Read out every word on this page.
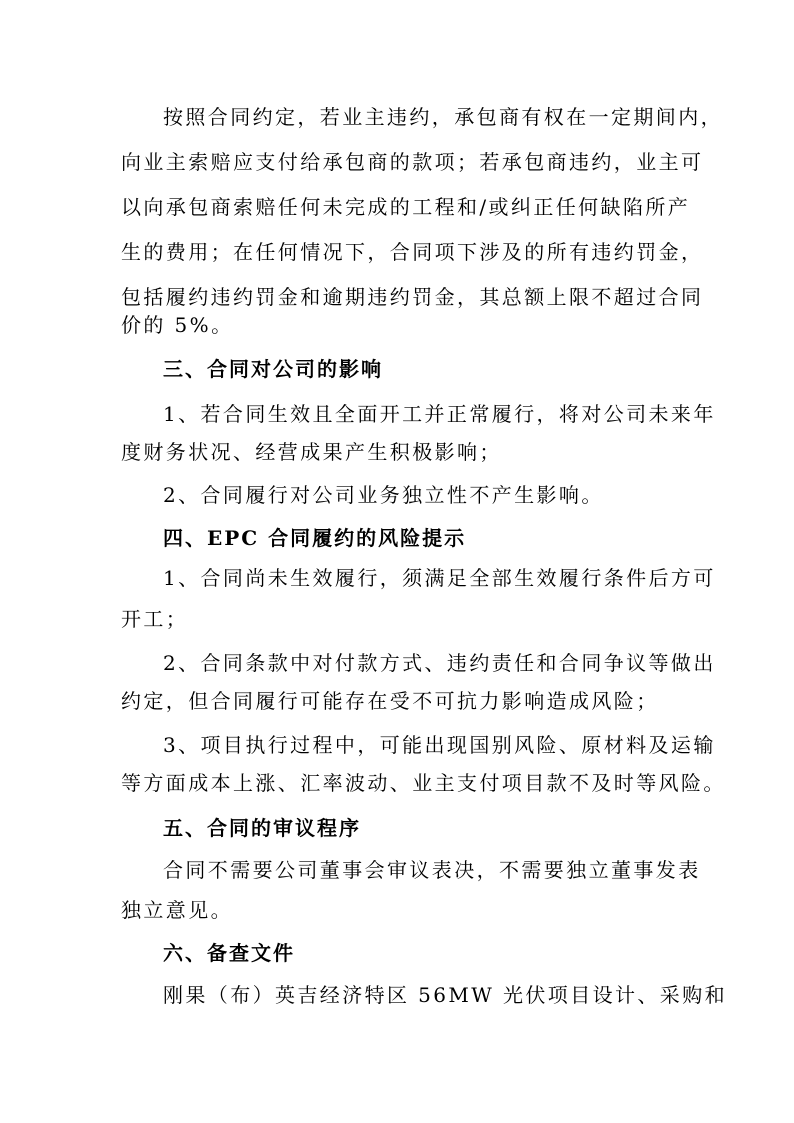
按照合同约定，若业主违约，承包商有权在一定期间内，
向业主索赔应支付给承包商的款项；若承包商违约，业主可
以向承包商索赔任何未完成的工程和/或纠正任何缺陷所产
生的费用；在任何情况下，合同项下涉及的所有违约罚金，
包括履约违约罚金和逾期违约罚金，其总额上限不超过合同
价的 5%。
三、合同对公司的影响
1、若合同生效且全面开工并正常履行，将对公司未来年
度财务状况、经营成果产生积极影响；
2、合同履行对公司业务独立性不产生影响。
四、EPC 合同履约的风险提示
1、合同尚未生效履行，须满足全部生效履行条件后方可
开工；
2、合同条款中对付款方式、违约责任和合同争议等做出
约定，但合同履行可能存在受不可抗力影响造成风险；
3、项目执行过程中，可能出现国别风险、原材料及运输
等方面成本上涨、汇率波动、业主支付项目款不及时等风险。
五、合同的审议程序
合同不需要公司董事会审议表决，不需要独立董事发表
独立意见。
六、备查文件
刚果（布）英吉经济特区 56MW 光伏项目设计、采购和
